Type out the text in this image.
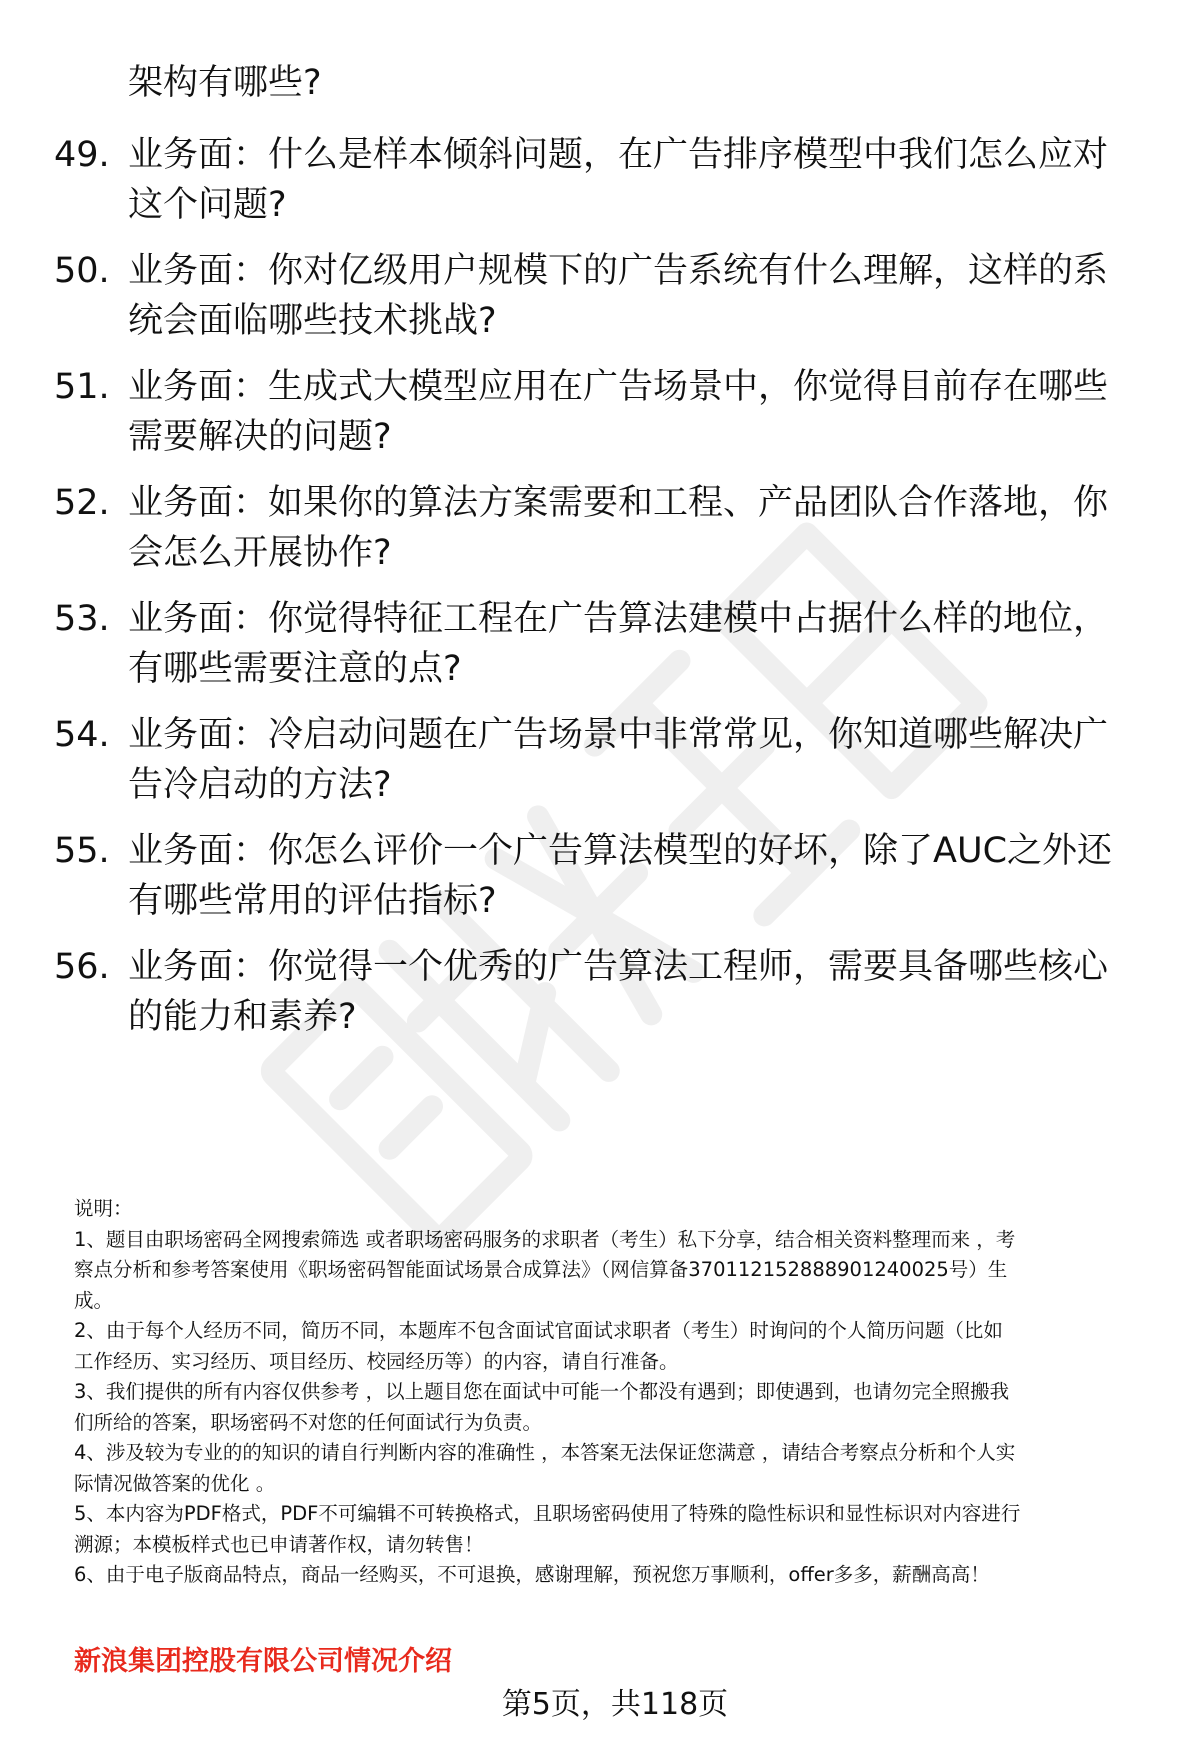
架构有哪些?
49. 业务面：什么是样本倾斜问题，在广告排序模型中我们怎么应对
这个问题?
50. 业务面：你对亿级用户规模下的广告系统有什么理解，这样的系
统会面临哪些技术挑战?
51. 业务面：生成式大模型应用在广告场景中，你觉得目前存在哪些
需要解决的问题?
52. 业务面：如果你的算法方案需要和工程、产品团队合作落地，你
会怎么开展协作?
53. 业务面：你觉得特征工程在广告算法建模中占据什么样的地位，
有哪些需要注意的点?
54. 业务面：冷启动问题在广告场景中非常常见，你知道哪些解决广
告冷启动的方法?
55. 业务面：你怎么评价一个广告算法模型的好坏，除了AUC之外还
有哪些常用的评估指标?
56. 业务面：你觉得一个优秀的广告算法工程师，需要具备哪些核心
的能力和素养?
说明：
1、题目由职场密码全网搜索筛选 或者职场密码服务的求职者（考生）私下分享，结合相关资料整理而来 ，考
察点分析和参考答案使用《职场密码智能面试场景合成算法》（网信算备370112152888901240025号）生
成。
2、由于每个人经历不同，简历不同，本题库不包含面试官面试求职者（考生）时询问的个人简历问题（比如
工作经历、实习经历、项目经历、校园经历等）的内容，请自行准备。
3、我们提供的所有内容仅供参考 ，以上题目您在面试中可能一个都没有遇到；即使遇到，也请勿完全照搬我
们所给的答案，职场密码不对您的任何面试行为负责。
4、涉及较为专业的的知识的请自行判断内容的准确性 ，本答案无法保证您满意 ，请结合考察点分析和个人实
际情况做答案的优化 。
5、本内容为PDF格式，PDF不可编辑不可转换格式，且职场密码使用了特殊的隐性标识和显性标识对内容进行
溯源；本模板样式也已申请著作权，请勿转售！
6、由于电子版商品特点，商品一经购买，不可退换，感谢理解，预祝您万事顺利，offer多多，薪酬高高！
新浪集团控股有限公司情况介绍
第5页，共118页
